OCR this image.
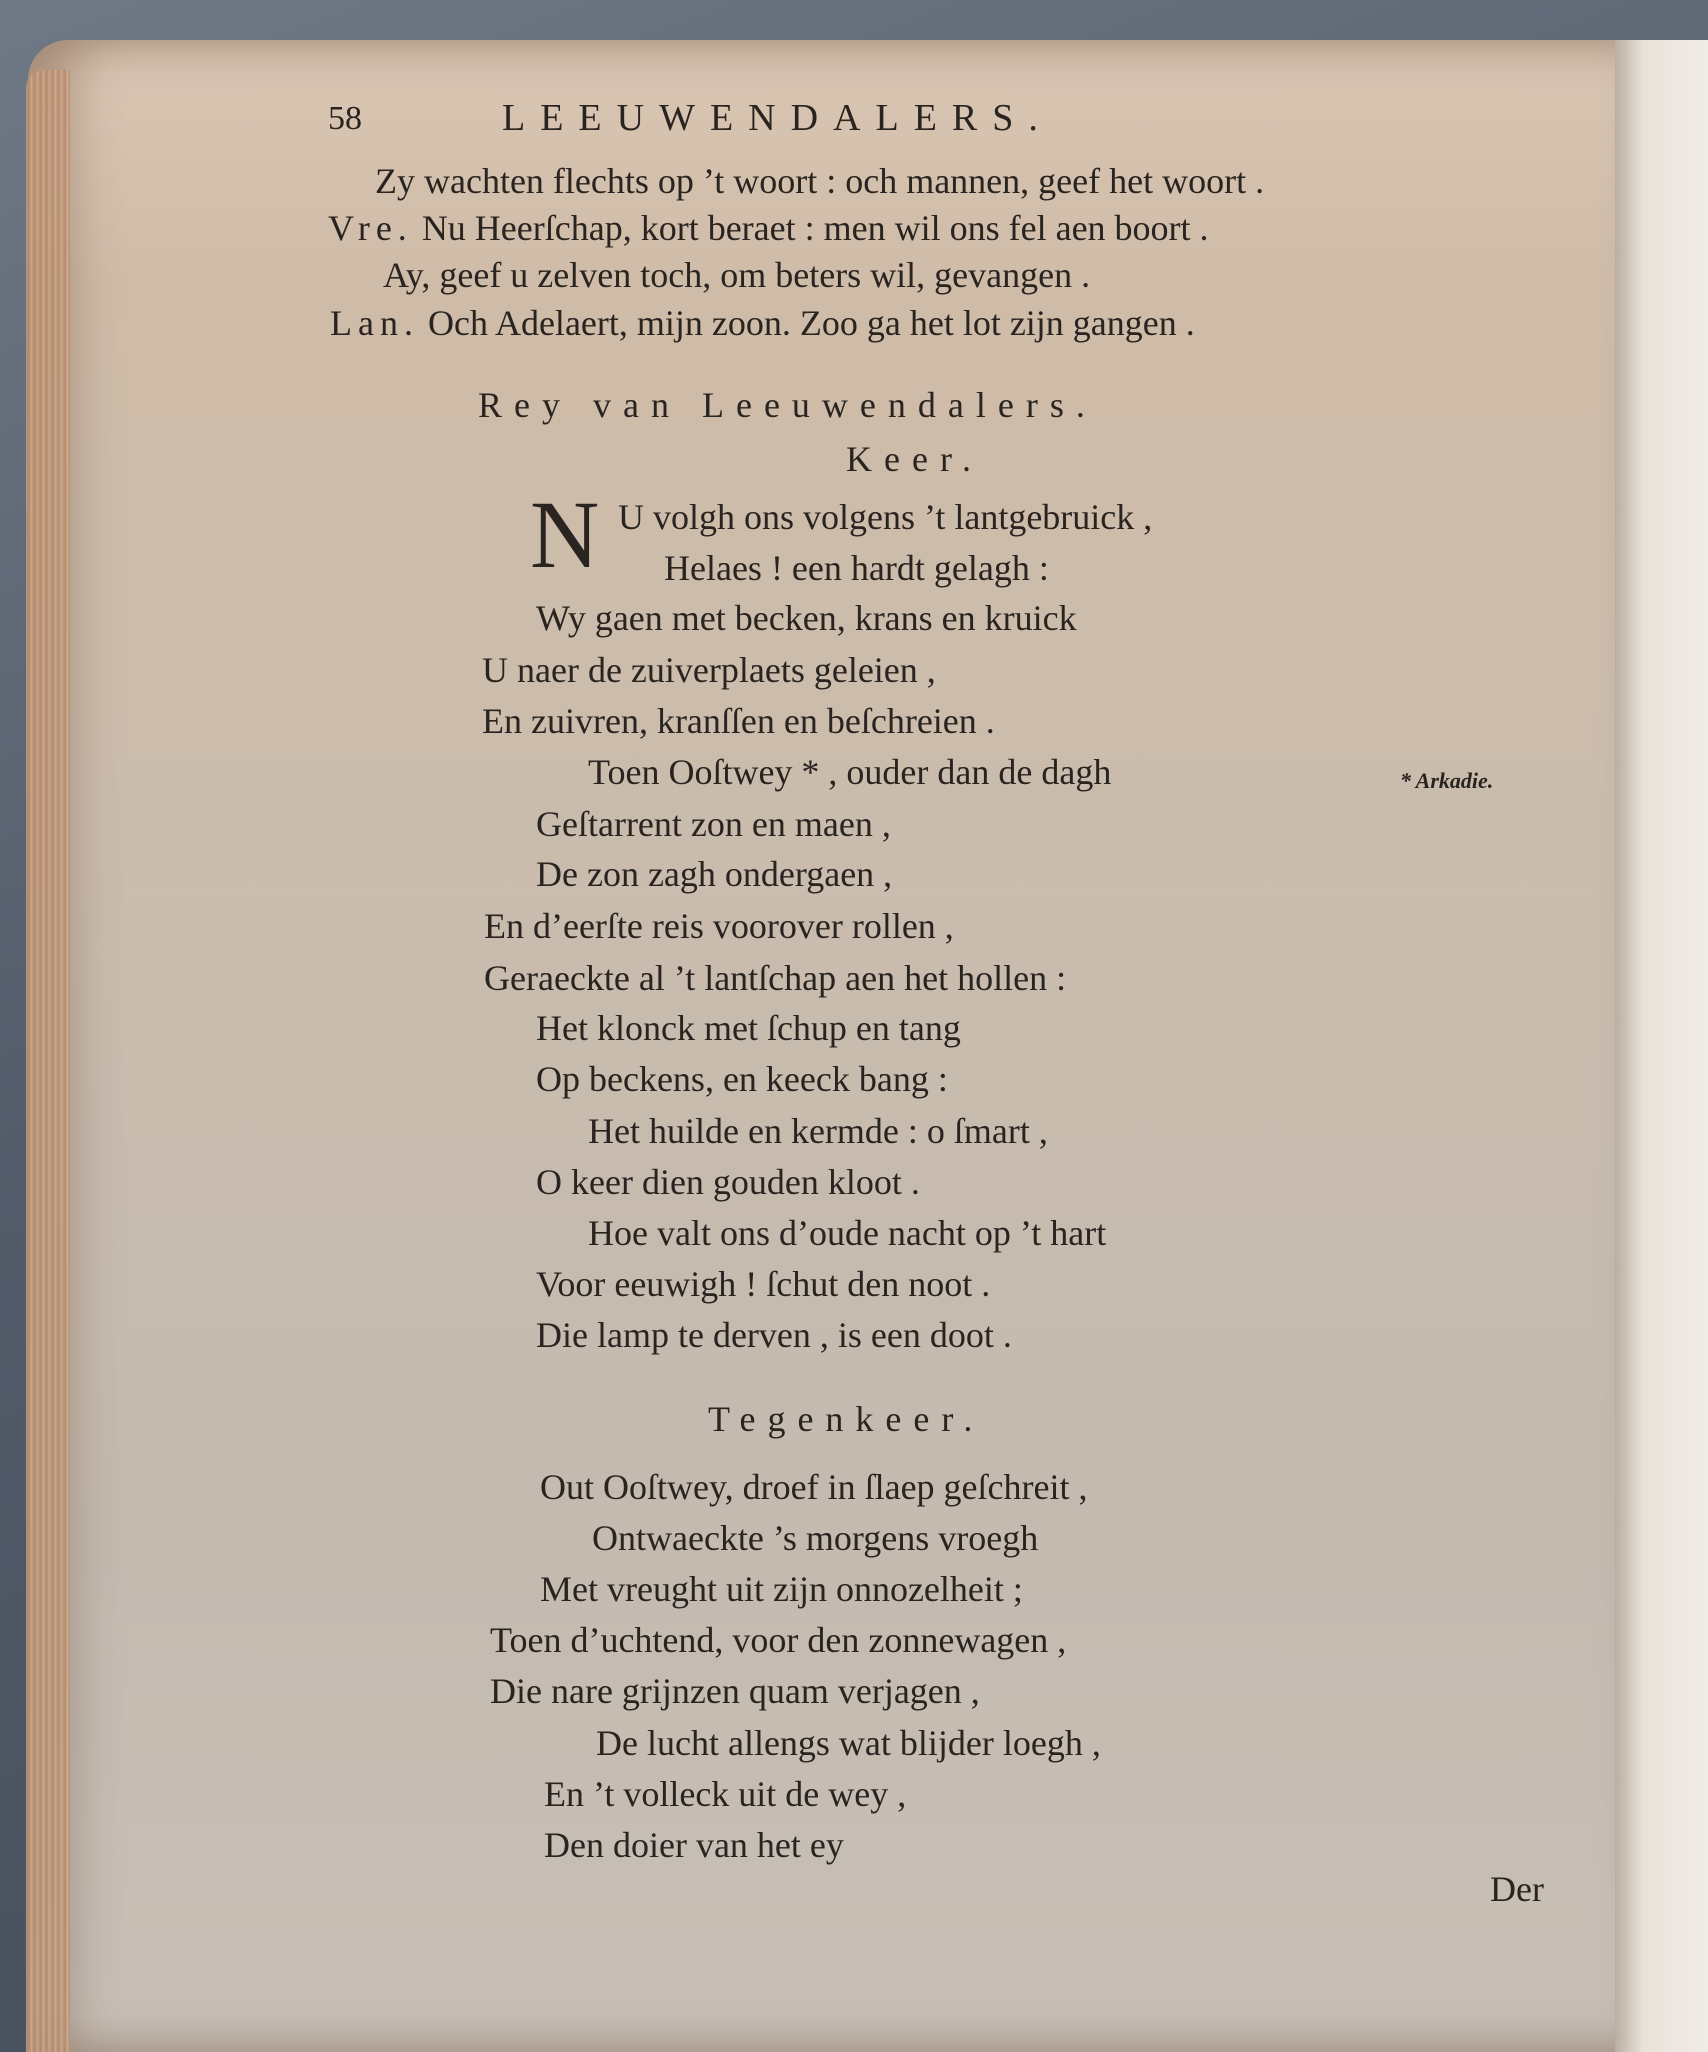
58	LEEUWENDALERS.
Zy wachten flechts op ’t woort : och mannen, geef het woort .
Vre. Nu Heerſchap, kort beraet : men wil ons fel aen boort .
Ay, geef u zelven toch, om beters wil, gevangen .
Lan. Och Adelaert, mijn zoon. Zoo ga het lot zijn gangen .
Rey van Leeuwendalers.
Keer.
N U volgh ons volgens ’t lantgebruick ,
Helaes ! een hardt gelagh :
Wy gaen met becken, krans en kruick
U naer de zuiverplaets geleien ,
En zuivren, kranſſen en beſchreien .
Toen Ooſtwey * , ouder dan de dagh	* Arkadie.
Geſtarrent zon en maen ,
De zon zagh ondergaen ,
En d’eerſte reis voorover rollen ,
Geraeckte al ’t lantſchap aen het hollen :
Het klonck met ſchup en tang
Op beckens, en keeck bang :
Het huilde en kermde : o ſmart ,
O keer dien gouden kloot .
Hoe valt ons d’oude nacht op ’t hart
Voor eeuwigh ! ſchut den noot .
Die lamp te derven , is een doot .
Tegenkeer.
Out Ooſtwey, droef in ſlaep geſchreit ,
Ontwaeckte ’s morgens vroegh
Met vreught uit zijn onnozelheit ;
Toen d’uchtend, voor den zonnewagen ,
Die nare grijnzen quam verjagen ,
De lucht allengs wat blijder loegh ,
En ’t volleck uit de wey ,
Den doier van het ey
Der
